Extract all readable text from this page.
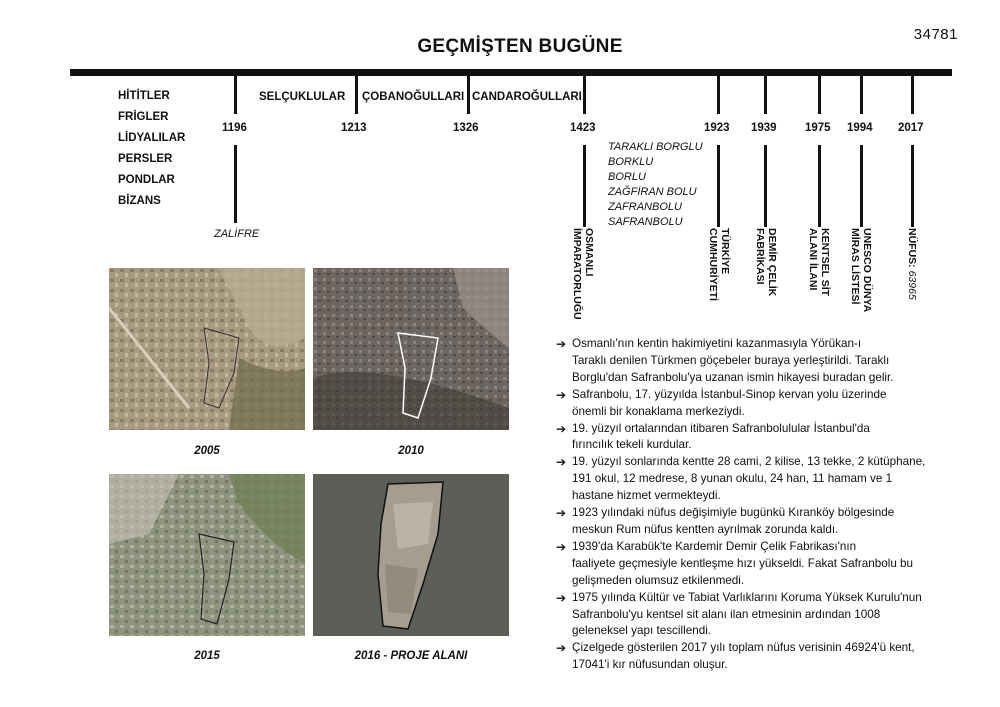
34781
GEÇMİŞTEN BUGÜNE
HİTİTLER
FRİGLER
LİDYALILAR
PERSLER
PONDLAR
BİZANS
SELÇUKLULAR ÇOBANOĞULLARI CANDAROĞULLARI
1196	1213	1326	1423	1923 1939 1975 1994 2017
ZALİFRE
TARAKLI BORGLU
BORKLU
BORLU
ZAĞFİRAN BOLU
ZAFRANBOLU
SAFRANBOLU
OSMANLI
İMPARATORLUĞU	TÜRKİYE
CUMHURİYETİ	DEMİR ÇELİK
FABRİKASI	KENTSEL SİT
ALANI İLANI	UNESCO DÜNYA
MİRAS LİSTESİ	NÜFUS: 63965
2005	2010
2015	2016 - PROJE ALANI
➔ Osmanlı'nın kentin hakimiyetini kazanmasıyla Yörükan-ı
Taraklı denilen Türkmen göçebeler buraya yerleştirildi. Taraklı
Borglu'dan Safranbolu'ya uzanan ismin hikayesi buradan gelir.
➔ Safranbolu, 17. yüzyılda İstanbul-Sinop kervan yolu üzerinde
önemli bir konaklama merkeziydi.
➔ 19. yüzyıl ortalarından itibaren Safranbolulular İstanbul'da
fırıncılık tekeli kurdular.
➔ 19. yüzyıl sonlarında kentte 28 cami, 2 kilise, 13 tekke, 2 kütüphane,
191 okul, 12 medrese, 8 yunan okulu, 24 han, 11 hamam ve 1
hastane hizmet vermekteydi.
➔ 1923 yılındaki nüfus değişimiyle bugünkü Kıranköy bölgesinde
meskun Rum nüfus kentten ayrılmak zorunda kaldı.
➔ 1939'da Karabük'te Kardemir Demir Çelik Fabrikası'nın
faaliyete geçmesiyle kentleşme hızı yükseldi. Fakat Safranbolu bu
gelişmeden olumsuz etkilenmedi.
➔ 1975 yılında Kültür ve Tabiat Varlıklarını Koruma Yüksek Kurulu'nun
Safranbolu'yu kentsel sit alanı ilan etmesinin ardından 1008
geleneksel yapı tescillendi.
➔ Çizelgede gösterilen 2017 yılı toplam nüfus verisinin 46924'ü kent,
17041'i kır nüfusundan oluşur.
